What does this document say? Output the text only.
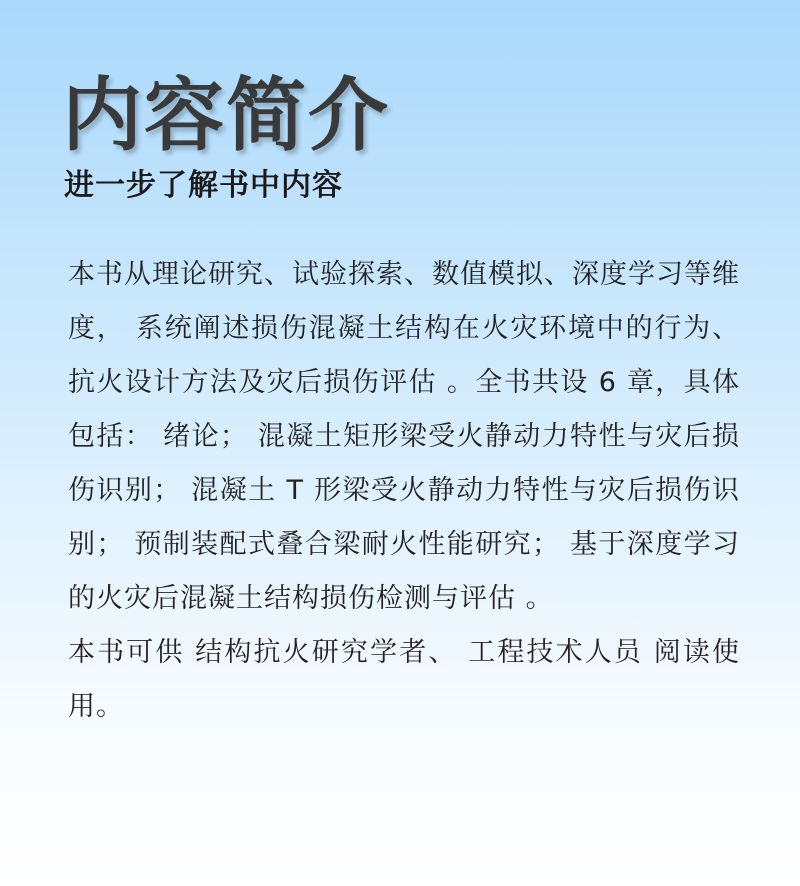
内容简介
进一步了解书中内容

本书从理论研究、试验探索、数值模拟、深度学习等维度， 系统阐述损伤混凝土结构在火灾环境中的行为、抗火设计方法及灾后损伤评估 。全书共设 6 章，具体包括： 绪论； 混凝土矩形梁受火静动力特性与灾后损伤识别； 混凝土 T 形梁受火静动力特性与灾后损伤识别； 预制装配式叠合梁耐火性能研究； 基于深度学习的火灾后混凝土结构损伤检测与评估 。

本书可供 结构抗火研究学者、 工程技术人员 阅读使用。
